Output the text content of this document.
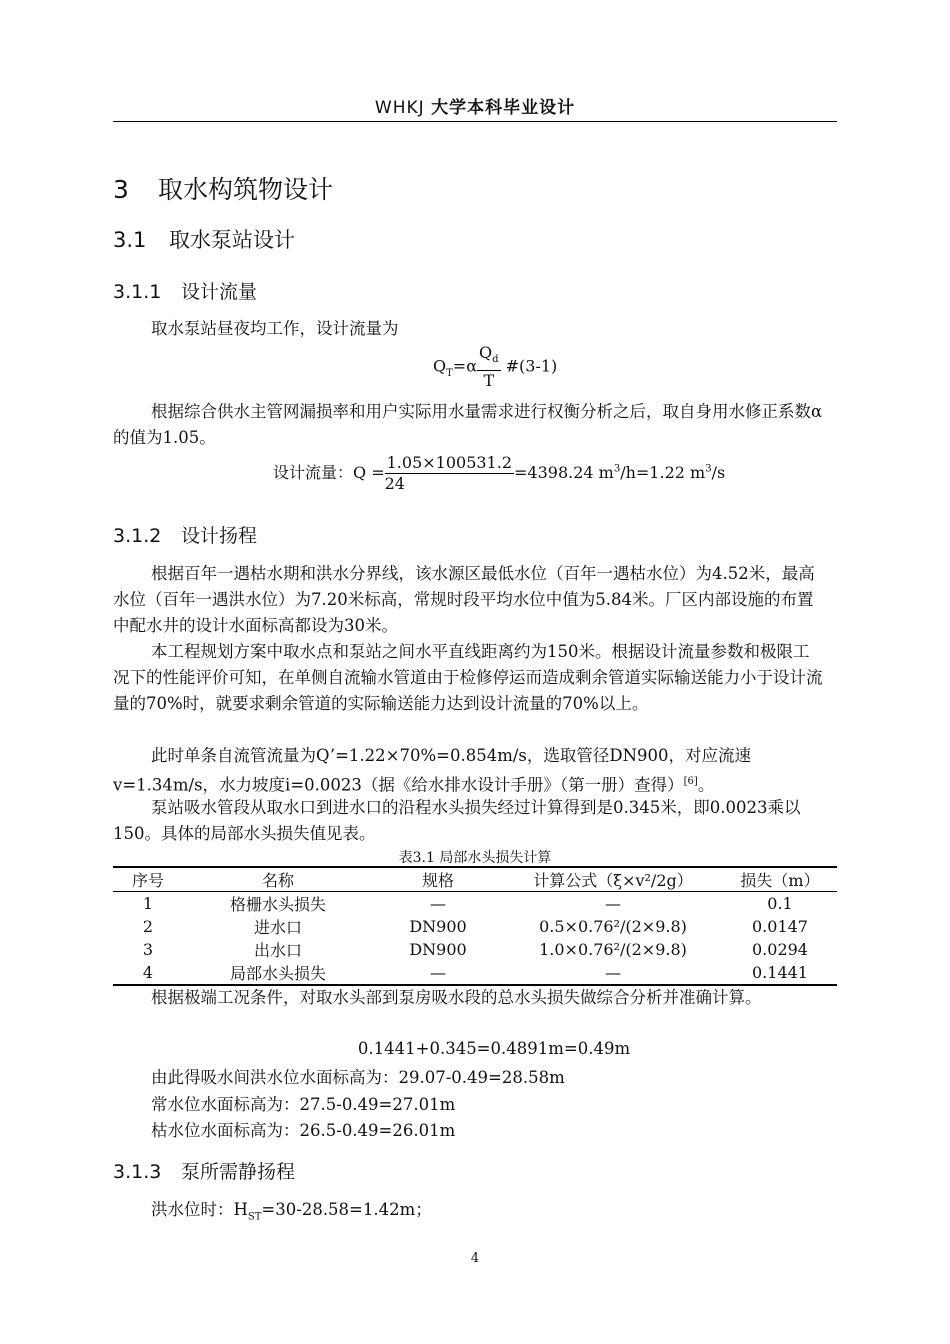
WHKJ 大学本科毕业设计
3 取水构筑物设计
3.1 取水泵站设计
3.1.1 设计流量
取水泵站昼夜均工作，设计流量为
$Q_T=\alpha \frac{Q_d}{T}$ #(3-1)
根据综合供水主管网漏损率和用户实际用水量需求进行权衡分析之后，取自身用水修正系数α的值为1.05。
设计流量：$Q = \frac{1.05\times 100531.2}{24} =4398.24$ $m^3/h=1.22$ $m^3/s$
3.1.2 设计扬程
根据百年一遇枯水期和洪水分界线，该水源区最低水位（百年一遇枯水位）为4.52米，最高水位（百年一遇洪水位）为7.20米标高，常规时段平均水位中值为5.84米。厂区内部设施的布置中配水井的设计水面标高都设为30米。
本工程规划方案中取水点和泵站之间水平直线距离约为150米。根据设计流量参数和极限工况下的性能评价可知，在单侧自流输水管道由于检修停运而造成剩余管道实际输送能力小于设计流量的70%时，就要求剩余管道的实际输送能力达到设计流量的70%以上。
此时单条自流管流量为Q’=1.22×70%=0.854m/s，选取管径DN900，对应流速v=1.34m/s，水力坡度i=0.0023（据《给水排水设计手册》（第一册）查得）[6]。
泵站吸水管段从取水口到进水口的沿程水头损失经过计算得到是0.345米，即0.0023乘以150。具体的局部水头损失值见表。
表3.1 局部水头损失计算
序号	名称	规格	计算公式（ξ×v²/2g）	损失（m）
1	格栅水头损失	—	—	0.1
2	进水口	DN900	0.5×0.76²/(2×9.8)	0.0147
3	出水口	DN900	1.0×0.76²/(2×9.8)	0.0294
4	局部水头损失	—	—	0.1441
根据极端工况条件，对取水头部到泵房吸水段的总水头损失做综合分析并准确计算。
0.1441+0.345=0.4891m=0.49m
由此得吸水间洪水位水面标高为：29.07-0.49=28.58m
常水位水面标高为：27.5-0.49=27.01m
枯水位水面标高为：26.5-0.49=26.01m
3.1.3 泵所需静扬程
洪水位时：$H_{ST}=30-28.58=1.42m$；
4
